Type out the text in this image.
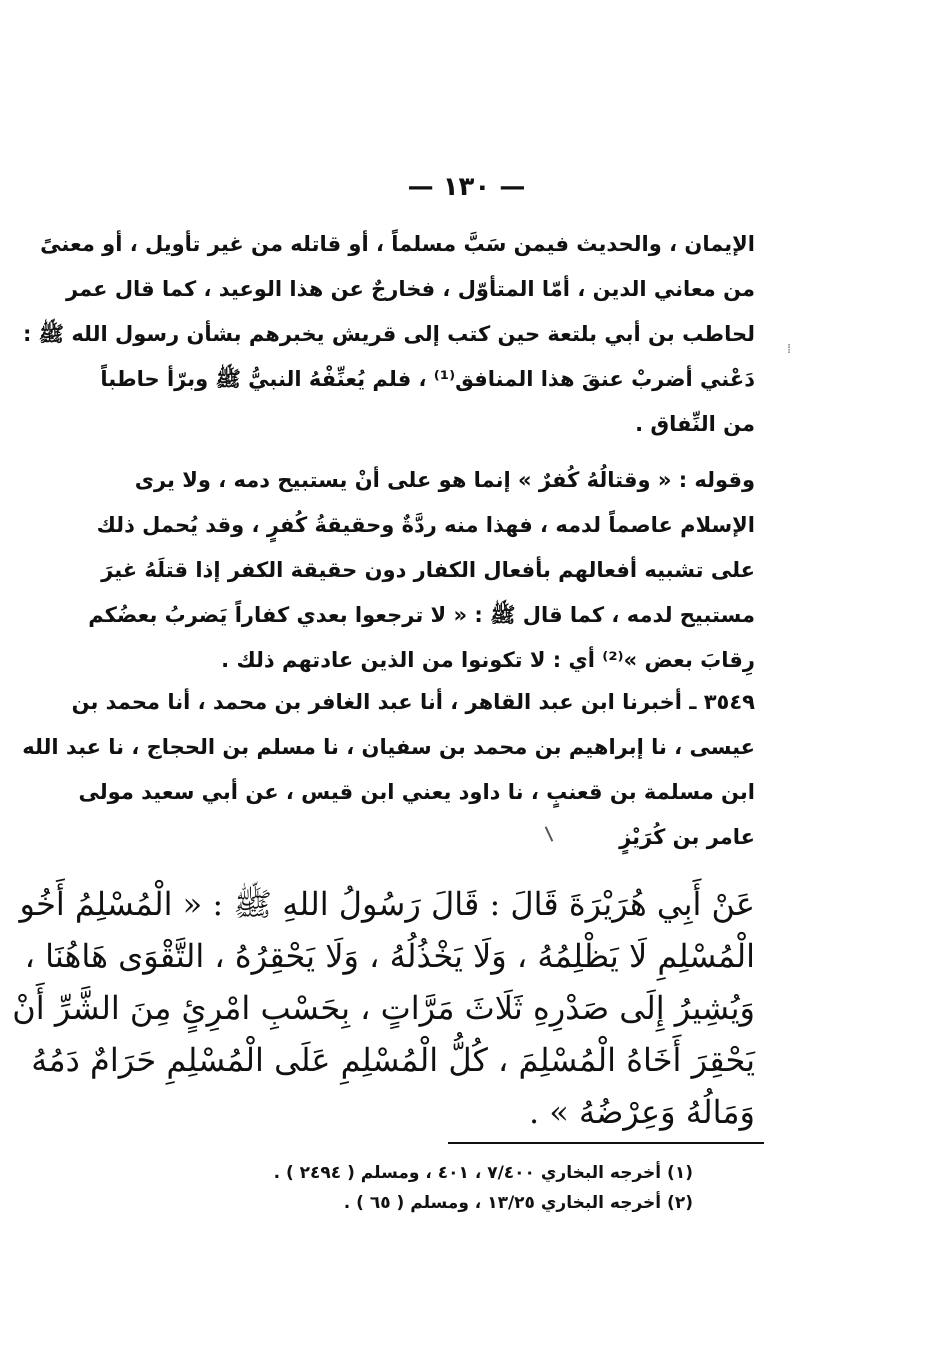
— ١٣٠ —
الإيمان ، والحديث فيمن سَبَّ مسلماً ، أو قاتله من غير تأويل ، أو معنىً
من معاني الدين ، أمّا المتأوّل ، فخارجٌ عن هذا الوعيد ، كما قال عمر
لحاطب بن أبي بلتعة حين كتب إلى قريش يخبرهم بشأن رسول الله ﷺ :
دَعْني أضربْ عنقَ هذا المنافق⁽¹⁾ ، فلم يُعنِّفْهُ النبيُّ ﷺ وبرّأ حاطباً
من النِّفاق .
وقوله : « وقتالُهُ كُفرٌ » إنما هو على أنْ يستبيح دمه ، ولا يرى
الإسلام عاصماً لدمه ، فهذا منه ردَّةٌ وحقيقةُ كُفرٍ ، وقد يُحمل ذلك
على تشبيه أفعالهم بأفعال الكفار دون حقيقة الكفر إذا قتلَهُ غيرَ
مستبيح لدمه ، كما قال ﷺ : « لا ترجعوا بعدي كفاراً يَضربُ بعضُكم
رِقابَ بعض »⁽²⁾ أي : لا تكونوا من الذين عادتهم ذلك .
٣٥٤٩ ـ أخبرنا ابن عبد القاهر ، أنا عبد الغافر بن محمد ، أنا محمد بن
عيسى ، نا إبراهيم بن محمد بن سفيان ، نا مسلم بن الحجاج ، نا عبد الله
ابن مسلمة بن قعنبٍ ، نا داود يعني ابن قيس ، عن أبي سعيد مولى
عامر بن كُرَيْزٍ
عَنْ أَبِي هُرَيْرَةَ قَالَ : قَالَ رَسُولُ اللهِ ﷺ : « الْمُسْلِمُ أَخُو
الْمُسْلِمِ لَا يَظْلِمُهُ ، وَلَا يَخْذُلُهُ ، وَلَا يَحْقِرُهُ ، التَّقْوَى هَاهُنَا ،
وَيُشِيرُ إِلَى صَدْرِهِ ثَلَاثَ مَرَّاتٍ ، بِحَسْبِ امْرِئٍ مِنَ الشَّرِّ أَنْ
يَحْقِرَ أَخَاهُ الْمُسْلِمَ ، كُلُّ الْمُسْلِمِ عَلَى الْمُسْلِمِ حَرَامٌ دَمُهُ
وَمَالُهُ وَعِرْضُهُ » .
(١) أخرجه البخاري ٧/٤٠٠ ، ٤٠١ ، ومسلم ( ٢٤٩٤ ) .
(٢) أخرجه البخاري ١٣/٢٥ ، ومسلم ( ٦٥ ) .
⁞
